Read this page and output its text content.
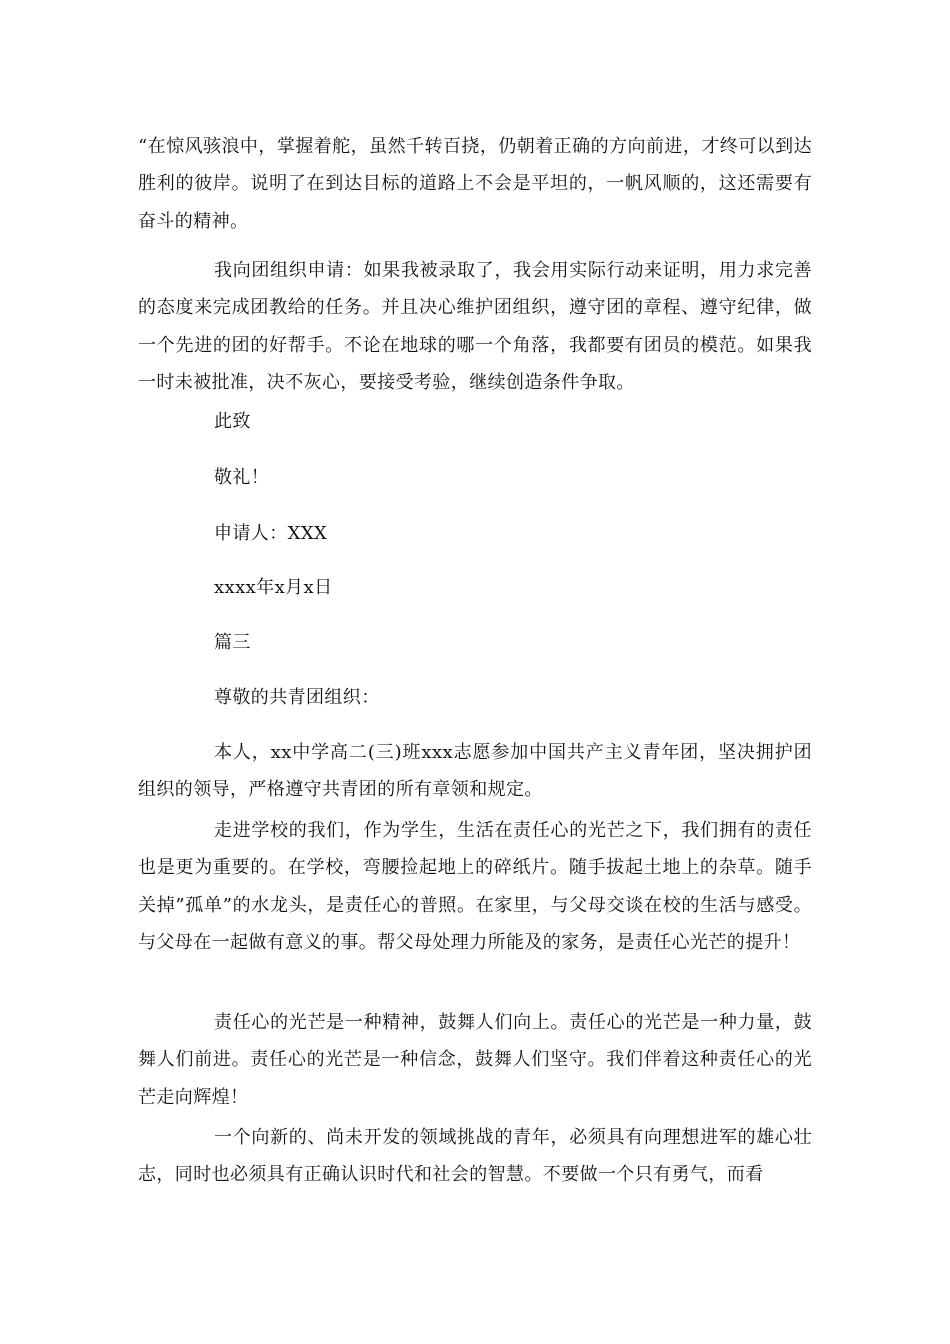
“在惊风骇浪中，掌握着舵，虽然千转百挠，仍朝着正确的方向前进，才终可以到达胜利的彼岸。说明了在到达目标的道路上不会是平坦的，一帆风顺的，这还需要有奋斗的精神。

我向团组织申请：如果我被录取了，我会用实际行动来证明，用力求完善的态度来完成团教给的任务。并且决心维护团组织，遵守团的章程、遵守纪律，做一个先进的团的好帮手。不论在地球的哪一个角落，我都要有团员的模范。如果我一时未被批准，决不灰心，要接受考验，继续创造条件争取。

此致

敬礼！

申请人：XXX

xxxx年x月x日

篇三

尊敬的共青团组织：

本人，xx中学高二(三)班xxx志愿参加中国共产主义青年团，坚决拥护团组织的领导，严格遵守共青团的所有章领和规定。

走进学校的我们，作为学生，生活在责任心的光芒之下，我们拥有的责任也是更为重要的。在学校，弯腰捡起地上的碎纸片。随手拔起土地上的杂草。随手关掉”孤单”的水龙头，是责任心的普照。在家里，与父母交谈在校的生活与感受。与父母在一起做有意义的事。帮父母处理力所能及的家务，是责任心光芒的提升！

责任心的光芒是一种精神，鼓舞人们向上。责任心的光芒是一种力量，鼓舞人们前进。责任心的光芒是一种信念，鼓舞人们坚守。我们伴着这种责任心的光芒走向辉煌！

一个向新的、尚未开发的领域挑战的青年，必须具有向理想进军的雄心壮志，同时也必须具有正确认识时代和社会的智慧。不要做一个只有勇气，而看
